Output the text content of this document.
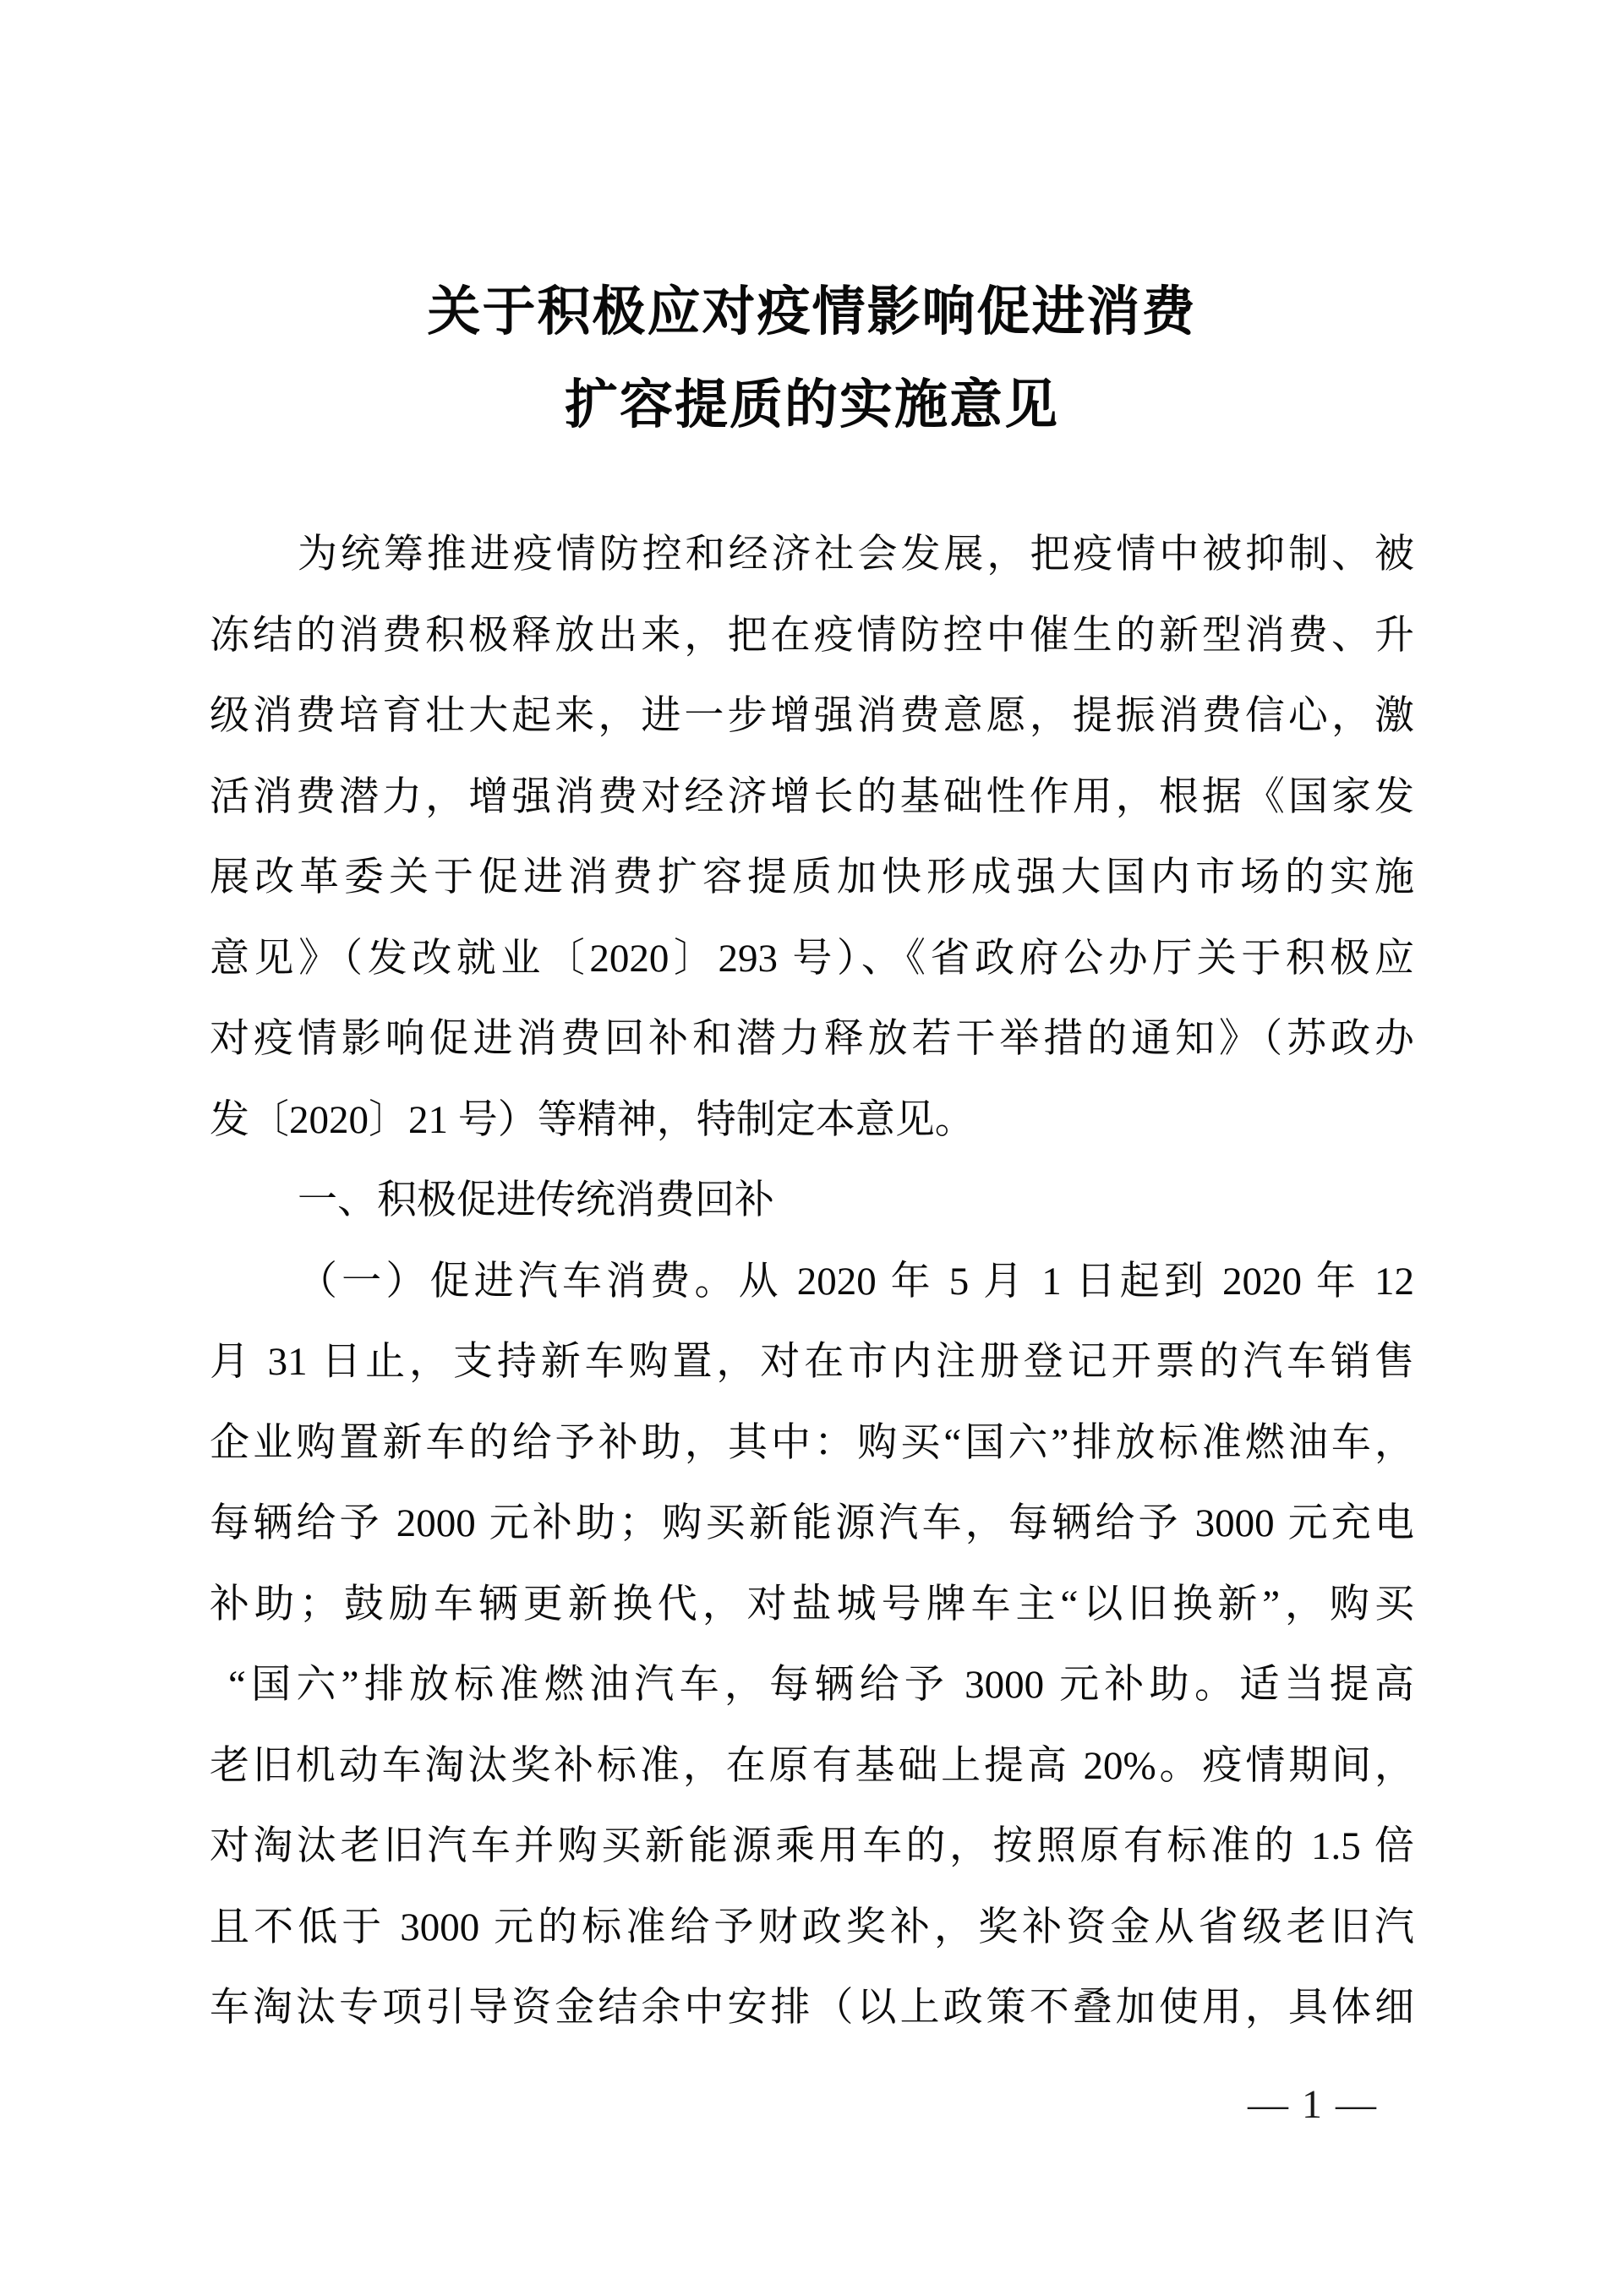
关于积极应对疫情影响促进消费
扩容提质的实施意见
为统筹推进疫情防控和经济社会发展，把疫情中被抑制、被
冻结的消费积极释放出来，把在疫情防控中催生的新型消费、升
级消费培育壮大起来，进一步增强消费意愿，提振消费信心，激
活消费潜力，增强消费对经济增长的基础性作用，根据《国家发
展改革委关于促进消费扩容提质加快形成强大国内市场的实施
意见》（发改就业〔2020〕293 号）、《省政府公办厅关于积极应
对疫情影响促进消费回补和潜力释放若干举措的通知》（苏政办
发〔2020〕21 号）等精神，特制定本意见。
一、积极促进传统消费回补
（一）促进汽车消费。从 2020 年 5 月 1 日起到 2020 年 12
月 31 日止，支持新车购置，对在市内注册登记开票的汽车销售
企业购置新车的给予补助，其中：购买“国六”排放标准燃油车，
每辆给予 2000 元补助；购买新能源汽车，每辆给予 3000 元充电
补助；鼓励车辆更新换代，对盐城号牌车主“以旧换新”，购买
“国六”排放标准燃油汽车，每辆给予 3000 元补助。适当提高
老旧机动车淘汰奖补标准，在原有基础上提高 20%。疫情期间，
对淘汰老旧汽车并购买新能源乘用车的，按照原有标准的 1.5 倍
且不低于 3000 元的标准给予财政奖补，奖补资金从省级老旧汽
车淘汰专项引导资金结余中安排（以上政策不叠加使用，具体细
— 1 —
